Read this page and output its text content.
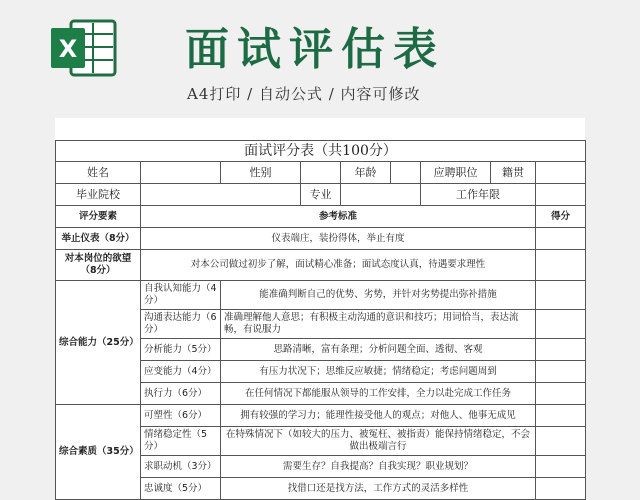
X 面试评估表
A4打印 / 自动公式 / 内容可修改
面试评分表（共100分）								
姓名		性别		年龄		应聘职位	籍贯	
毕业院校			专业			工作年限		
评分要素	参考标准							得分
举止仪表（8分）	仪表端庄，装扮得体，举止有度							
对本岗位的欲望（8分）	对本公司做过初步了解，面试精心准备；面试态度认真，待遇要求理性							
综合能力（25分）	自我认知能力（4分）	能准确判断自己的优势、劣势，并针对劣势提出弥补措施						
	沟通表达能力（6分）	准确理解他人意思；有积极主动沟通的意识和技巧；用词恰当，表达流畅，有说服力						
	分析能力（5分）	思路清晰，富有条理；分析问题全面、透彻、客观						
	应变能力（4分）	有压力状况下；思维反应敏捷；情绪稳定；考虑问题周到						
	执行力（6分）	在任何情况下都能服从领导的工作安排，全力以赴完成工作任务						
综合素质（35分）	可塑性（6分）	拥有较强的学习力；能理性接受他人的观点；对他人、他事无成见						
	情绪稳定性（5分）	在特殊情况下（如较大的压力、被冤枉、被指责）能保持情绪稳定，不会做出极端言行						
	求职动机（3分）	需要生存？自我提高？自我实现？职业规划？						
	忠诚度（5分）	找借口还是找方法，工作方式的灵活多样性						
